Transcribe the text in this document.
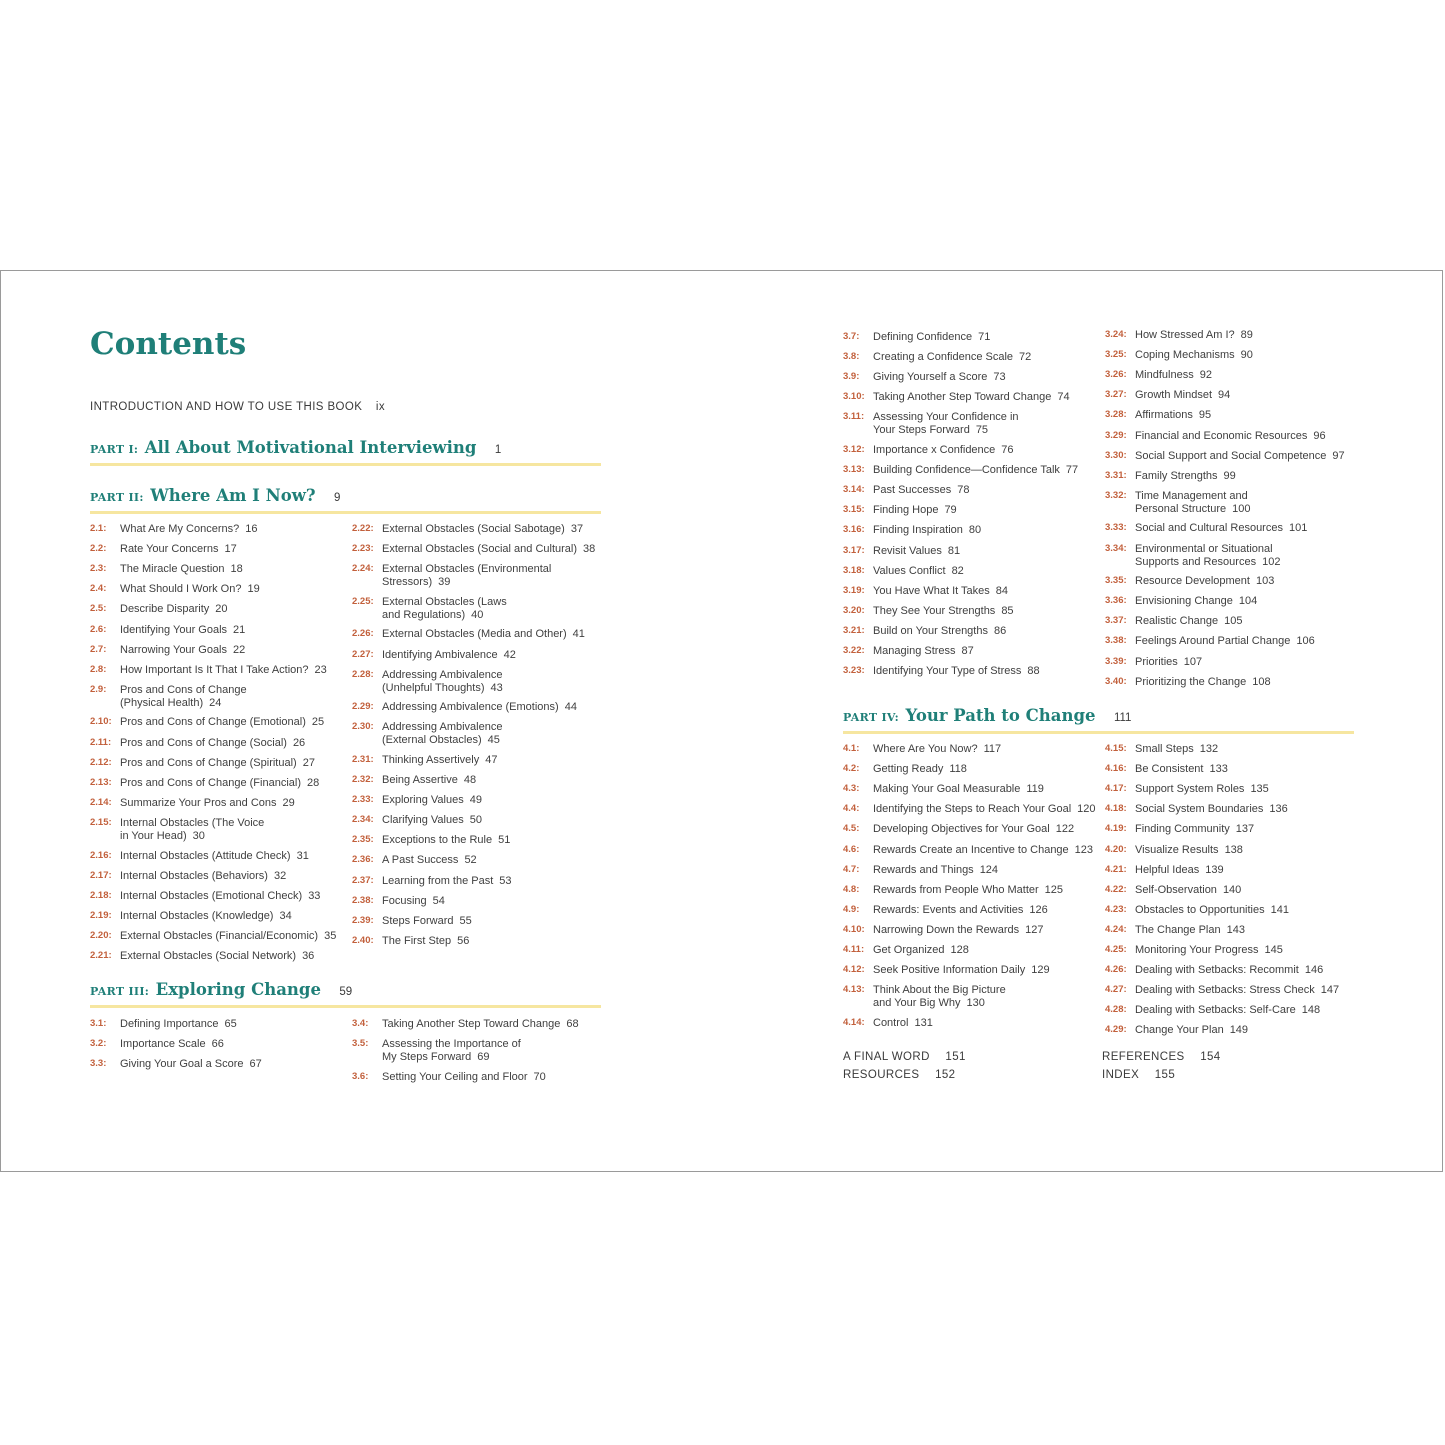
Contents
INTRODUCTION AND HOW TO USE THIS BOOK ix
PART I: All About Motivational Interviewing 1
PART II: Where Am I Now? 9
PART III: Exploring Change 59
PART IV: Your Path to Change 111
2.1: What Are My Concerns? 16
2.2: Rate Your Concerns 17
2.3: The Miracle Question 18
2.4: What Should I Work On? 19
2.5: Describe Disparity 20
2.6: Identifying Your Goals 21
2.7: Narrowing Your Goals 22
2.8: How Important Is It That I Take Action? 23
2.9: Pros and Cons of Change
(Physical Health) 24
2.10: Pros and Cons of Change (Emotional) 25
2.11: Pros and Cons of Change (Social) 26
2.12: Pros and Cons of Change (Spiritual) 27
2.13: Pros and Cons of Change (Financial) 28
2.14: Summarize Your Pros and Cons 29
2.15: Internal Obstacles (The Voice
in Your Head) 30
2.16: Internal Obstacles (Attitude Check) 31
2.17: Internal Obstacles (Behaviors) 32
2.18: Internal Obstacles (Emotional Check) 33
2.19: Internal Obstacles (Knowledge) 34
2.20: External Obstacles (Financial/Economic) 35
2.21: External Obstacles (Social Network) 36
2.22: External Obstacles (Social Sabotage) 37
2.23: External Obstacles (Social and Cultural) 38
2.24: External Obstacles (Environmental
Stressors) 39
2.25: External Obstacles (Laws
and Regulations) 40
2.26: External Obstacles (Media and Other) 41
2.27: Identifying Ambivalence 42
2.28: Addressing Ambivalence
(Unhelpful Thoughts) 43
2.29: Addressing Ambivalence (Emotions) 44
2.30: Addressing Ambivalence
(External Obstacles) 45
2.31: Thinking Assertively 47
2.32: Being Assertive 48
2.33: Exploring Values 49
2.34: Clarifying Values 50
2.35: Exceptions to the Rule 51
2.36: A Past Success 52
2.37: Learning from the Past 53
2.38: Focusing 54
2.39: Steps Forward 55
2.40: The First Step 56
3.1: Defining Importance 65
3.2: Importance Scale 66
3.3: Giving Your Goal a Score 67
3.4: Taking Another Step Toward Change 68
3.5: Assessing the Importance of
My Steps Forward 69
3.6: Setting Your Ceiling and Floor 70
3.7: Defining Confidence 71
3.8: Creating a Confidence Scale 72
3.9: Giving Yourself a Score 73
3.10: Taking Another Step Toward Change 74
3.11: Assessing Your Confidence in
Your Steps Forward 75
3.12: Importance x Confidence 76
3.13: Building Confidence—Confidence Talk 77
3.14: Past Successes 78
3.15: Finding Hope 79
3.16: Finding Inspiration 80
3.17: Revisit Values 81
3.18: Values Conflict 82
3.19: You Have What It Takes 84
3.20: They See Your Strengths 85
3.21: Build on Your Strengths 86
3.22: Managing Stress 87
3.23: Identifying Your Type of Stress 88
3.24: How Stressed Am I? 89
3.25: Coping Mechanisms 90
3.26: Mindfulness 92
3.27: Growth Mindset 94
3.28: Affirmations 95
3.29: Financial and Economic Resources 96
3.30: Social Support and Social Competence 97
3.31: Family Strengths 99
3.32: Time Management and
Personal Structure 100
3.33: Social and Cultural Resources 101
3.34: Environmental or Situational
Supports and Resources 102
3.35: Resource Development 103
3.36: Envisioning Change 104
3.37: Realistic Change 105
3.38: Feelings Around Partial Change 106
3.39: Priorities 107
3.40: Prioritizing the Change 108
4.1: Where Are You Now? 117
4.2: Getting Ready 118
4.3: Making Your Goal Measurable 119
4.4: Identifying the Steps to Reach Your Goal 120
4.5: Developing Objectives for Your Goal 122
4.6: Rewards Create an Incentive to Change 123
4.7: Rewards and Things 124
4.8: Rewards from People Who Matter 125
4.9: Rewards: Events and Activities 126
4.10: Narrowing Down the Rewards 127
4.11: Get Organized 128
4.12: Seek Positive Information Daily 129
4.13: Think About the Big Picture
and Your Big Why 130
4.14: Control 131
4.15: Small Steps 132
4.16: Be Consistent 133
4.17: Support System Roles 135
4.18: Social System Boundaries 136
4.19: Finding Community 137
4.20: Visualize Results 138
4.21: Helpful Ideas 139
4.22: Self-Observation 140
4.23: Obstacles to Opportunities 141
4.24: The Change Plan 143
4.25: Monitoring Your Progress 145
4.26: Dealing with Setbacks: Recommit 146
4.27: Dealing with Setbacks: Stress Check 147
4.28: Dealing with Setbacks: Self-Care 148
4.29: Change Your Plan 149
A FINAL WORD 151
RESOURCES 152
REFERENCES 154
INDEX 155
